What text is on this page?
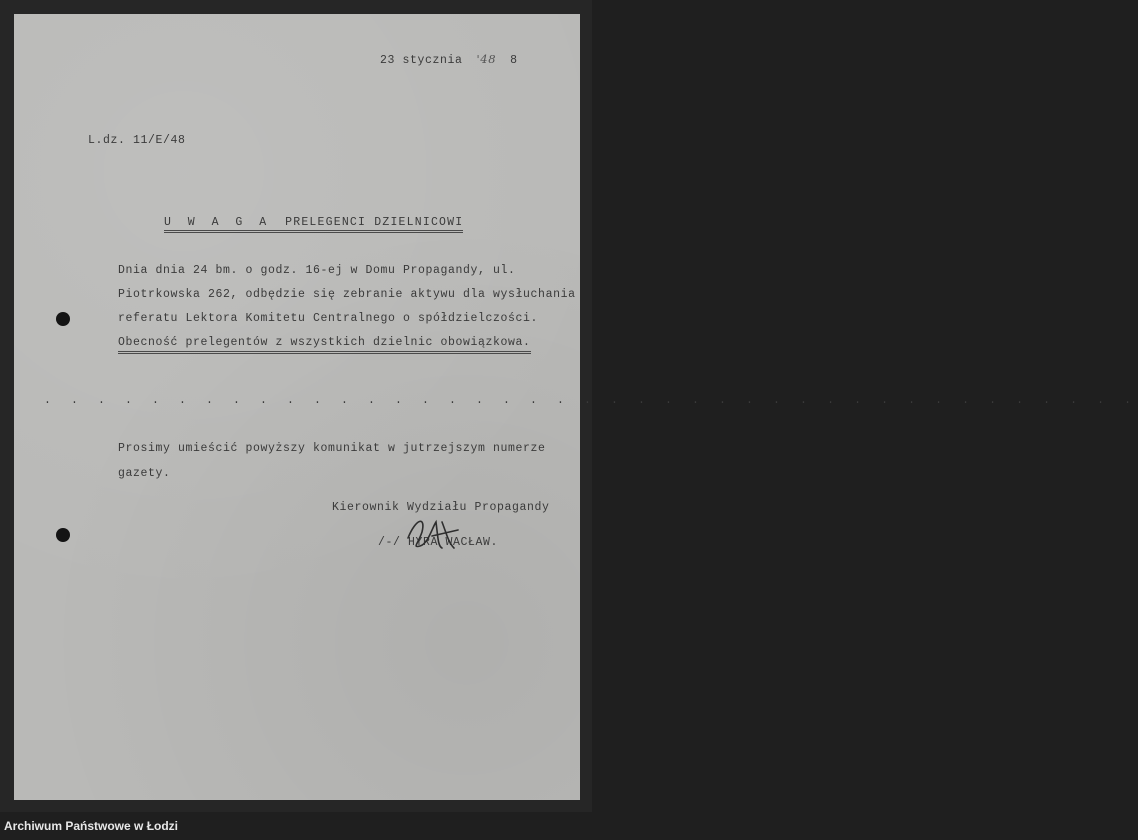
23 stycznia '48 8
L.dz. 11/E/48
U W A G A PRELEGENCI DZIELNICOWI
Dnia dnia 24 bm. o godz. 16-ej w Domu Propagandy, ul.
Piotrkowska 262, odbędzie się zebranie aktywu dla wysłuchania
referatu Lektora Komitetu Centralnego o spółdzielczości.
Obecność prelegentów z wszystkich dzielnic obowiązkowa.
. . . . . . . . . . . . . . . . . . . . . . . . . . . . . . . . . . . . . . . . .
Prosimy umieścić powyższy komunikat w jutrzejszym numerze
gazety.
Kierownik Wydziału Propagandy
/-/ HYRA WACŁAW.
Archiwum Państwowe w Łodzi
